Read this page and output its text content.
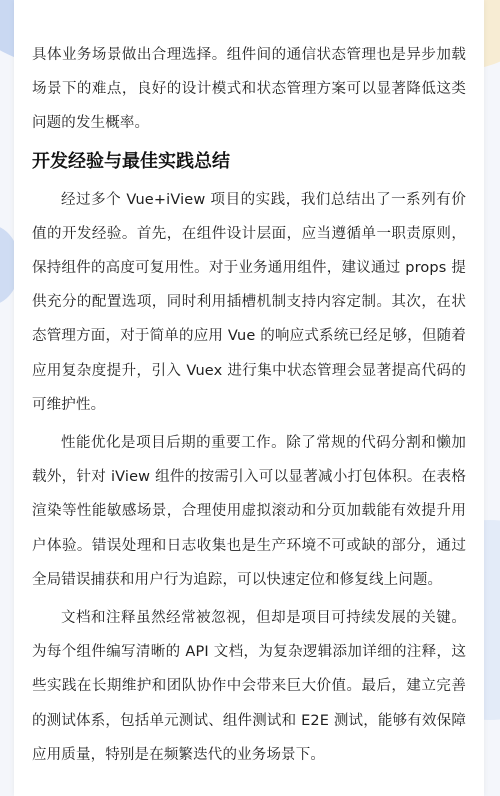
具体业务场景做出合理选择。组件间的通信状态管理也是异步加载场景下的难点，良好的设计模式和状态管理方案可以显著降低这类问题的发生概率。

开发经验与最佳实践总结

经过多个 Vue+iView 项目的实践，我们总结出了一系列有价值的开发经验。首先，在组件设计层面，应当遵循单一职责原则，保持组件的高度可复用性。对于业务通用组件，建议通过 props 提供充分的配置选项，同时利用插槽机制支持内容定制。其次，在状态管理方面，对于简单的应用 Vue 的响应式系统已经足够，但随着应用复杂度提升，引入 Vuex 进行集中状态管理会显著提高代码的可维护性。

性能优化是项目后期的重要工作。除了常规的代码分割和懒加载外，针对 iView 组件的按需引入可以显著减小打包体积。在表格渲染等性能敏感场景，合理使用虚拟滚动和分页加载能有效提升用户体验。错误处理和日志收集也是生产环境不可或缺的部分，通过全局错误捕获和用户行为追踪，可以快速定位和修复线上问题。

文档和注释虽然经常被忽视，但却是项目可持续发展的关键。为每个组件编写清晰的 API 文档，为复杂逻辑添加详细的注释，这些实践在长期维护和团队协作中会带来巨大价值。最后，建立完善的测试体系，包括单元测试、组件测试和 E2E 测试，能够有效保障应用质量，特别是在频繁迭代的业务场景下。
